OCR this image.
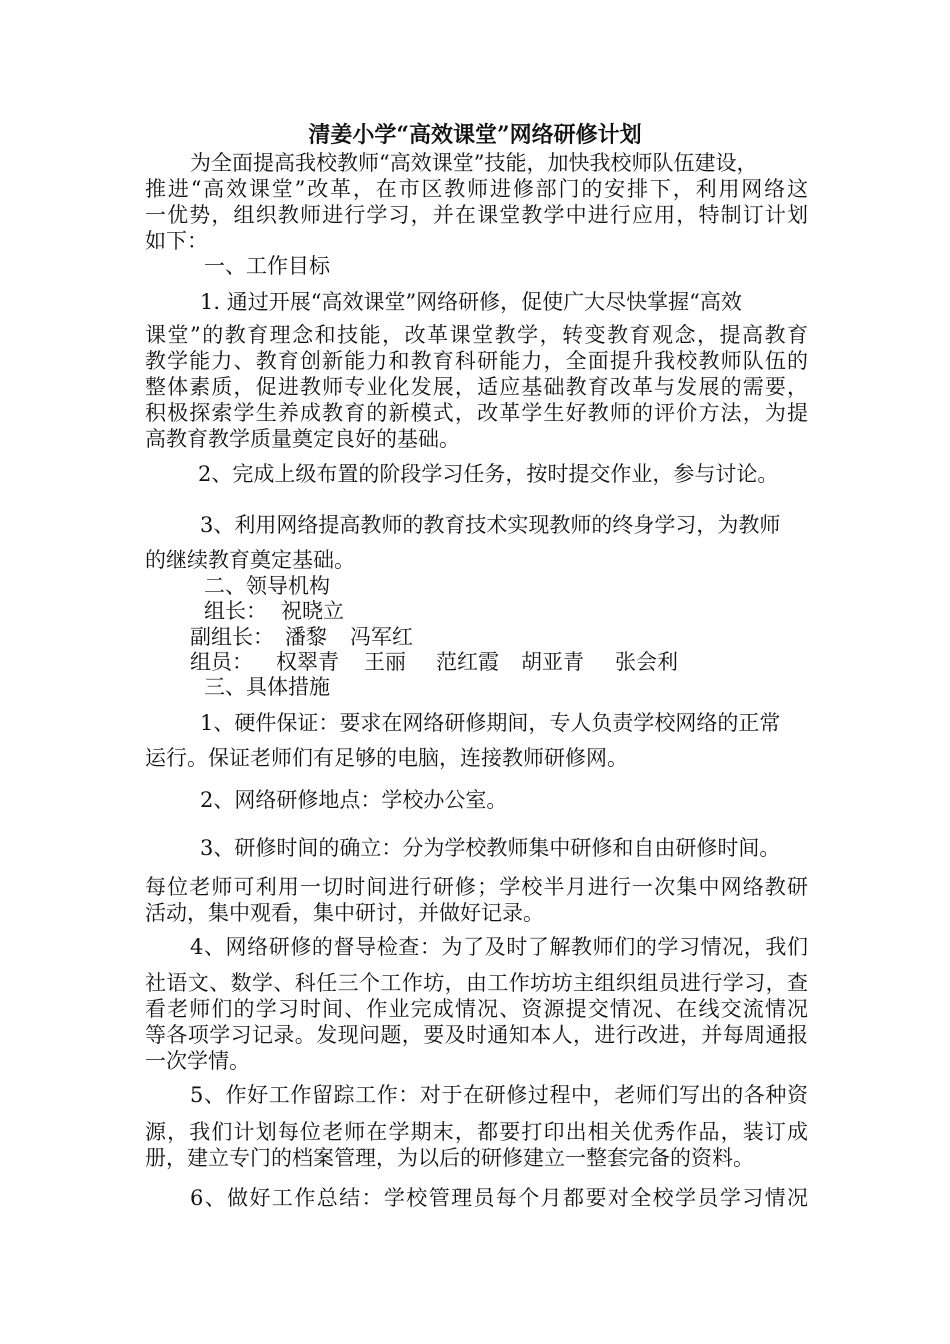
清姜小学“高效课堂”网络研修计划
为全面提高我校教师“高效课堂”技能，加快我校师队伍建设，
推进“高效课堂”改革，在市区教师进修部门的安排下，利用网络这
一优势，组织教师进行学习，并在课堂教学中进行应用，特制订计划
如下：
一、工作目标
1. 通过开展“高效课堂”网络研修，促使广大尽快掌握“高效
课堂”的教育理念和技能，改革课堂教学，转变教育观念，提高教育
教学能力、教育创新能力和教育科研能力，全面提升我校教师队伍的
整体素质，促进教师专业化发展，适应基础教育改革与发展的需要，
积极探索学生养成教育的新模式，改革学生好教师的评价方法，为提
高教育教学质量奠定良好的基础。
2、完成上级布置的阶段学习任务，按时提交作业，参与讨论。
3、利用网络提高教师的教育技术实现教师的终身学习，为教师
的继续教育奠定基础。
二、领导机构
组长： 祝晓立
副组长： 潘黎 冯军红
组员： 权翠青 王丽 范红霞 胡亚青 张会利
三、具体措施
1、硬件保证：要求在网络研修期间，专人负责学校网络的正常
运行。保证老师们有足够的电脑，连接教师研修网。
2、网络研修地点：学校办公室。
3、研修时间的确立：分为学校教师集中研修和自由研修时间。
每位老师可利用一切时间进行研修；学校半月进行一次集中网络教研
活动，集中观看，集中研讨，并做好记录。
4、网络研修的督导检查：为了及时了解教师们的学习情况，我们
社语文、数学、科任三个工作坊，由工作坊坊主组织组员进行学习，查
看老师们的学习时间、作业完成情况、资源提交情况、在线交流情况
等各项学习记录。发现问题，要及时通知本人，进行改进，并每周通报
一次学情。
5、作好工作留踪工作：对于在研修过程中，老师们写出的各种资
源，我们计划每位老师在学期末，都要打印出相关优秀作品，装订成
册，建立专门的档案管理，为以后的研修建立一整套完备的资料。
6、做好工作总结：学校管理员每个月都要对全校学员学习情况
